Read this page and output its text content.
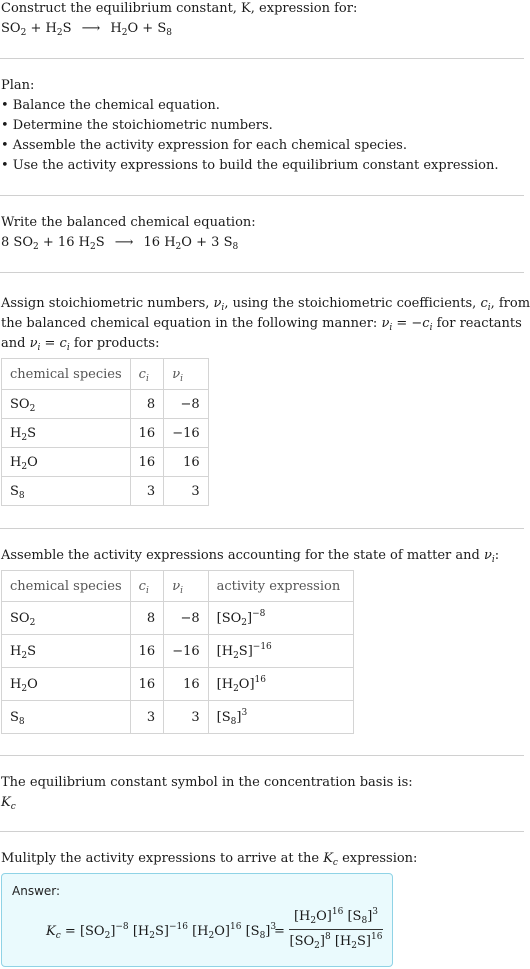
Construct the equilibrium constant, K, expression for:
$SO_2 + H_2S$ ⟶ $H_2O + S_8$
Plan:
• Balance the chemical equation.
• Determine the stoichiometric numbers.
• Assemble the activity expression for each chemical species.
• Use the activity expressions to build the equilibrium constant expression.
Write the balanced chemical equation:
8 $SO_2 + 16$ $H_2S$ ⟶ 16 $H_2O + 3$ $S_8$
Assign stoichiometric numbers, $\nu_i$, using the stoichiometric coefficients, $c_i$, from
the balanced chemical equation in the following manner: $\nu_i = -c_i$ for reactants
and $\nu_i = c_i$ for products:
chemical species	$c_i$	$\nu_i$
$SO_2$	8	−8
$H_2S$	16	−16
$H_2O$	16	16
$S_8$	3	3
Assemble the activity expressions accounting for the state of matter and $\nu_i$:
chemical species	$c_i$	$\nu_i$	activity expression
$SO_2$	8	−8	$[SO_2]^{-8}$
$H_2S$	16	−16	$[H_2S]^{-16}$
$H_2O$	16	16	$[H_2O]^{16}$
$S_8$	3	3	$[S_8]^3$
The equilibrium constant symbol in the concentration basis is:
$K_c$
Mulitply the activity expressions to arrive at the $K_c$ expression:
Answer:
$K_c = [SO_2]^{-8}$ $[H_2S]^{-16}$ $[H_2O]^{16}$ $[S_8]^3$
=
$[H_2O]^{16}$ $[S_8]^3$
$[SO_2]^8$ $[H_2S]^{16}$
